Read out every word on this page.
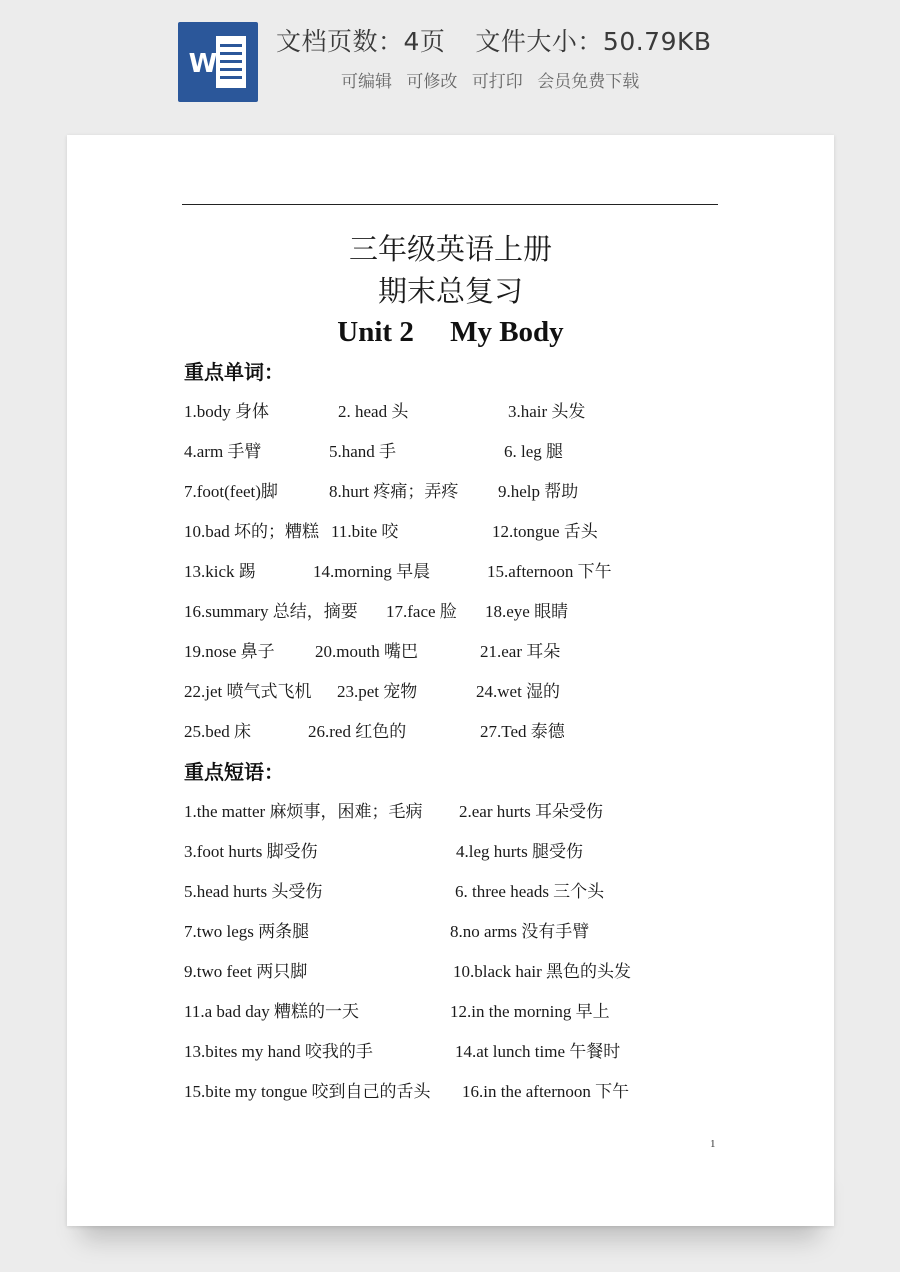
W
文档页数：4页 文件大小：50.79KB
可编辑 可修改 可打印 会员免费下载
三年级英语上册
期末总复习
Unit 2 　My Body
重点单词：
1.body 身体	2. head 头	3.hair 头发
4.arm 手臂	5.hand 手	6. leg 腿
7.foot(feet)脚	8.hurt 疼痛；弄疼 9.help 帮助
10.bad 坏的；糟糕 11.bite 咬	12.tongue 舌头
13.kick 踢	14.morning 早晨	15.afternoon 下午
16.summary 总结，摘要 17.face 脸 18.eye 眼睛
19.nose 鼻子 20.mouth 嘴巴	21.ear 耳朵
22.jet 喷气式飞机 23.pet 宠物	24.wet 湿的
25.bed 床	26.red 红色的	27.Ted 泰德
重点短语：
1.the matter 麻烦事，困难；毛病 2.ear hurts 耳朵受伤
3.foot hurts 脚受伤	4.leg hurts 腿受伤
5.head hurts 头受伤	6. three heads 三个头
7.two legs 两条腿	8.no arms 没有手臂
9.two feet 两只脚	10.black hair 黑色的头发
11.a bad day 糟糕的一天	12.in the morning 早上
13.bites my hand 咬我的手	14.at lunch time 午餐时
15.bite my tongue 咬到自己的舌头 16.in the afternoon 下午
1
